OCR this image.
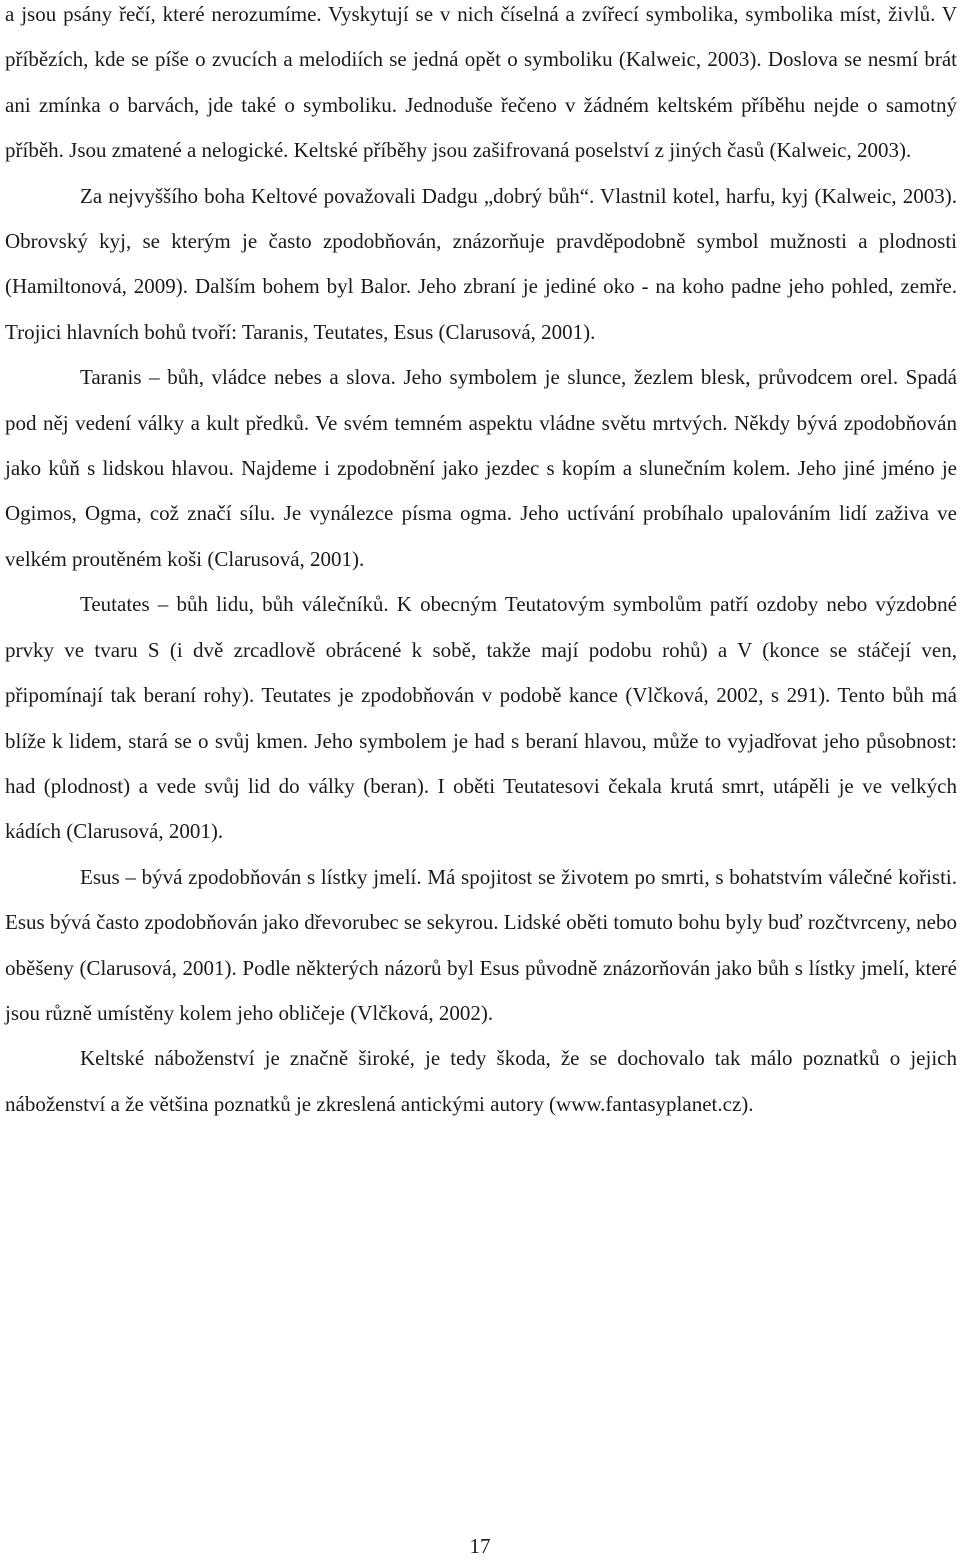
a jsou psány řečí, které nerozumíme. Vyskytují se v nich číselná a zvířecí symbolika, symbolika míst, živlů. V příbězích, kde se píše o zvucích a melodiích se jedná opět o symboliku (Kalweic, 2003). Doslova se nesmí brát ani zmínka o barvách, jde také o symboliku. Jednoduše řečeno v žádném keltském příběhu nejde o samotný příběh. Jsou zmatené a nelogické. Keltské příběhy jsou zašifrovaná poselství z jiných časů (Kalweic, 2003).

Za nejvyššího boha Keltové považovali Dadgu „dobrý bůh“. Vlastnil kotel, harfu, kyj (Kalweic, 2003). Obrovský kyj, se kterým je často zpodobňován, znázorňuje pravděpodobně symbol mužnosti a plodnosti (Hamiltonová, 2009). Dalším bohem byl Balor. Jeho zbraní je jediné oko - na koho padne jeho pohled, zemře. Trojici hlavních bohů tvoří: Taranis, Teutates, Esus (Clarusová, 2001).

Taranis – bůh, vládce nebes a slova. Jeho symbolem je slunce, žezlem blesk, průvodcem orel. Spadá pod něj vedení války a kult předků. Ve svém temném aspektu vládne světu mrtvých. Někdy bývá zpodobňován jako kůň s lidskou hlavou. Najdeme i zpodobnění jako jezdec s kopím a slunečním kolem. Jeho jiné jméno je Ogimos, Ogma, což značí sílu. Je vynálezce písma ogma. Jeho uctívání probíhalo upalováním lidí zaživa ve velkém proutěném koši (Clarusová, 2001).

Teutates – bůh lidu, bůh válečníků. K obecným Teutatovým symbolům patří ozdoby nebo výzdobné prvky ve tvaru S (i dvě zrcadlově obrácené k sobě, takže mají podobu rohů) a V (konce se stáčejí ven, připomínají tak beraní rohy). Teutates je zpodobňován v podobě kance (Vlčková, 2002, s 291). Tento bůh má blíže k lidem, stará se o svůj kmen. Jeho symbolem je had s beraní hlavou, může to vyjadřovat jeho působnost: had (plodnost) a vede svůj lid do války (beran). I oběti Teutatesovi čekala krutá smrt, utápěli je ve velkých kádích (Clarusová, 2001).

Esus – bývá zpodobňován s lístky jmelí. Má spojitost se životem po smrti, s bohatstvím válečné kořisti. Esus bývá často zpodobňován jako dřevorubec se sekyrou. Lidské oběti tomuto bohu byly buď rozčtvrceny, nebo oběšeny (Clarusová, 2001). Podle některých názorů byl Esus původně znázorňován jako bůh s lístky jmelí, které jsou různě umístěny kolem jeho obličeje (Vlčková, 2002).

Keltské náboženství je značně široké, je tedy škoda, že se dochovalo tak málo poznatků o jejich náboženství a že většina poznatků je zkreslená antickými autory (www.fantasyplanet.cz).

17
